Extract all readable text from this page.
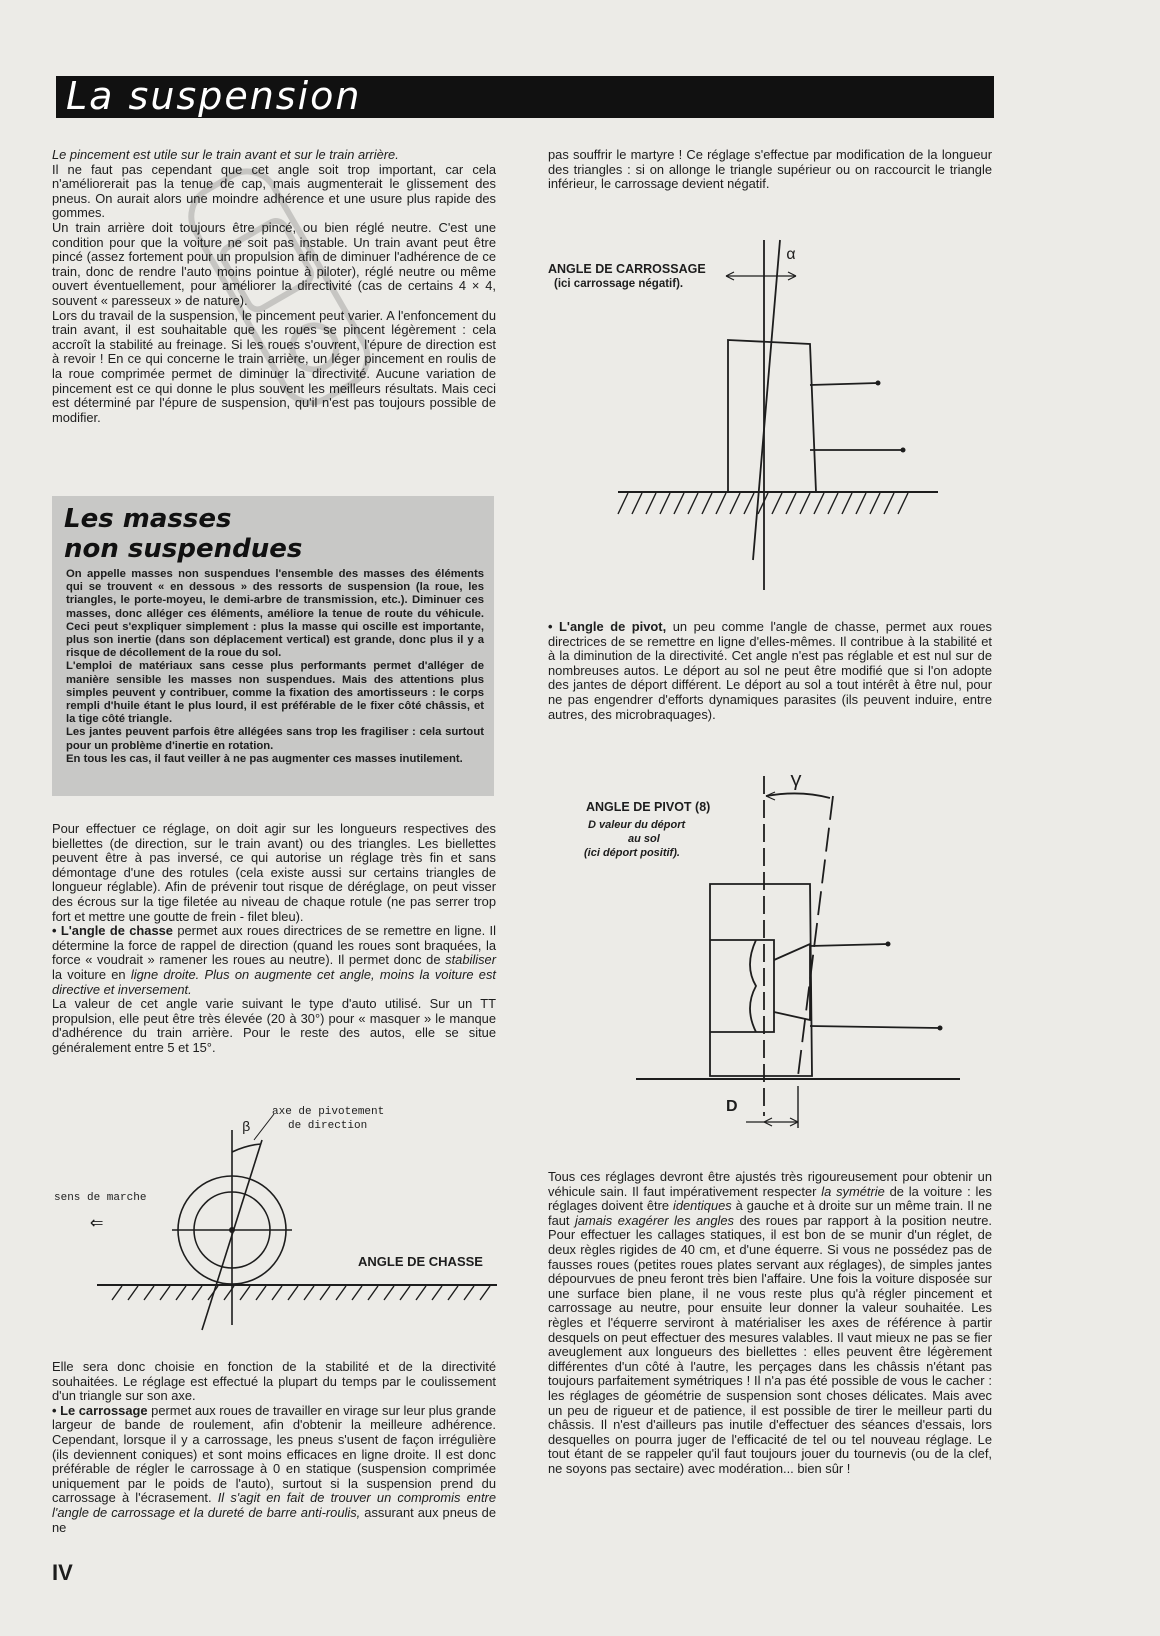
La suspension

Le pincement est utile sur le train avant et sur le train arrière.

Il ne faut pas cependant que cet angle soit trop important, car cela n'améliorerait pas la tenue de cap, mais augmenterait le glissement des pneus. On aurait alors une moindre adhérence et une usure plus rapide des gommes.

Un train arrière doit toujours être pincé, ou bien réglé neutre. C'est une condition pour que la voiture ne soit pas instable. Un train avant peut être pincé (assez fortement pour un propulsion afin de diminuer l'adhérence de ce train, donc de rendre l'auto moins pointue à piloter), réglé neutre ou même ouvert éventuellement, pour améliorer la directivité (cas de certains 4 × 4, souvent « paresseux » de nature).

Lors du travail de la suspension, le pincement peut varier. A l'enfoncement du train avant, il est souhaitable que les roues se pincent légèrement : cela accroît la stabilité au freinage. Si les roues s'ouvrent, l'épure de direction est à revoir ! En ce qui concerne le train arrière, un léger pincement en roulis de la roue comprimée permet de diminuer la directivité. Aucune variation de pincement est ce qui donne le plus souvent les meilleurs résultats. Mais ceci est déterminé par l'épure de suspension, qu'il n'est pas toujours possible de modifier.

Les masses
non suspendues

On appelle masses non suspendues l'ensemble des masses des éléments qui se trouvent « en dessous » des ressorts de suspension (la roue, les triangles, le porte-moyeu, le demi-arbre de transmission, etc.). Diminuer ces masses, donc alléger ces éléments, améliore la tenue de route du véhicule. Ceci peut s'expliquer simplement : plus la masse qui oscille est importante, plus son inertie (dans son déplacement vertical) est grande, donc plus il y a risque de décollement de la roue du sol.

L'emploi de matériaux sans cesse plus performants permet d'alléger de manière sensible les masses non suspendues. Mais des attentions plus simples peuvent y contribuer, comme la fixation des amortisseurs : le corps rempli d'huile étant le plus lourd, il est préférable de le fixer côté châssis, et la tige côté triangle.

Les jantes peuvent parfois être allégées sans trop les fragiliser : cela surtout pour un problème d'inertie en rotation.

En tous les cas, il faut veiller à ne pas augmenter ces masses inutilement.

Pour effectuer ce réglage, on doit agir sur les longueurs respectives des biellettes (de direction, sur le train avant) ou des triangles. Les biellettes peuvent être à pas inversé, ce qui autorise un réglage très fin et sans démontage d'une des rotules (cela existe aussi sur certains triangles de longueur réglable). Afin de prévenir tout risque de déréglage, on peut visser des écrous sur la tige filetée au niveau de chaque rotule (ne pas serrer trop fort et mettre une goutte de frein - filet bleu).

• L'angle de chasse permet aux roues directrices de se remettre en ligne. Il détermine la force de rappel de direction (quand les roues sont braquées, la force « voudrait » ramener les roues au neutre). Il permet donc de stabiliser la voiture en ligne droite. Plus on augmente cet angle, moins la voiture est directive et inversement.

La valeur de cet angle varie suivant le type d'auto utilisé. Sur un TT propulsion, elle peut être très élevée (20 à 30°) pour « masquer » le manque d'adhérence du train arrière. Pour le reste des autos, elle se situe généralement entre 5 et 15°.

β
axe de pivotement
de direction
sens de marche
⇐
ANGLE DE CHASSE

Elle sera donc choisie en fonction de la stabilité et de la directivité souhaitées. Le réglage est effectué la plupart du temps par le coulissement d'un triangle sur son axe.

• Le carrossage permet aux roues de travailler en virage sur leur plus grande largeur de bande de roulement, afin d'obtenir la meilleure adhérence. Cependant, lorsque il y a carrossage, les pneus s'usent de façon irrégulière (ils deviennent coniques) et sont moins efficaces en ligne droite. Il est donc préférable de régler le carrossage à 0 en statique (suspension comprimée uniquement par le poids de l'auto), surtout si la suspension prend du carrossage à l'écrasement. Il s'agit en fait de trouver un compromis entre l'angle de carrossage et la dureté de barre anti-roulis, assurant aux pneus de ne

pas souffrir le martyre ! Ce réglage s'effectue par modification de la longueur des triangles : si on allonge le triangle supérieur ou on raccourcit le triangle inférieur, le carrossage devient négatif.

ANGLE DE CARROSSAGE
(ici carrossage négatif).
α

• L'angle de pivot, un peu comme l'angle de chasse, permet aux roues directrices de se remettre en ligne d'elles-mêmes. Il contribue à la stabilité et à la diminution de la directivité. Cet angle n'est pas réglable et est nul sur de nombreuses autos. Le déport au sol ne peut être modifié que si l'on adopte des jantes de déport différent. Le déport au sol a tout intérêt à être nul, pour ne pas engendrer d'efforts dynamiques parasites (ils peuvent induire, entre autres, des microbraquages).

ANGLE DE PIVOT (8)
D valeur du déport
au sol
(ici déport positif).
γ
D

Tous ces réglages devront être ajustés très rigoureusement pour obtenir un véhicule sain. Il faut impérativement respecter la symétrie de la voiture : les réglages doivent être identiques à gauche et à droite sur un même train. Il ne faut jamais exagérer les angles des roues par rapport à la position neutre. Pour effectuer les callages statiques, il est bon de se munir d'un réglet, de deux règles rigides de 40 cm, et d'une équerre. Si vous ne possédez pas de fausses roues (petites roues plates servant aux réglages), de simples jantes dépourvues de pneu feront très bien l'affaire. Une fois la voiture disposée sur une surface bien plane, il ne vous reste plus qu'à régler pincement et carrossage au neutre, pour ensuite leur donner la valeur souhaitée. Les règles et l'équerre serviront à matérialiser les axes de référence à partir desquels on peut effectuer des mesures valables. Il vaut mieux ne pas se fier aveuglement aux longueurs des biellettes : elles peuvent être légèrement différentes d'un côté à l'autre, les perçages dans les châssis n'étant pas toujours parfaitement symétriques ! Il n'a pas été possible de vous le cacher : les réglages de géométrie de suspension sont choses délicates. Mais avec un peu de rigueur et de patience, il est possible de tirer le meilleur parti du châssis. Il n'est d'ailleurs pas inutile d'effectuer des séances d'essais, lors desquelles on pourra juger de l'efficacité de tel ou tel nouveau réglage. Le tout étant de se rappeler qu'il faut toujours jouer du tournevis (ou de la clef, ne soyons pas sectaire) avec modération... bien sûr !

IV
